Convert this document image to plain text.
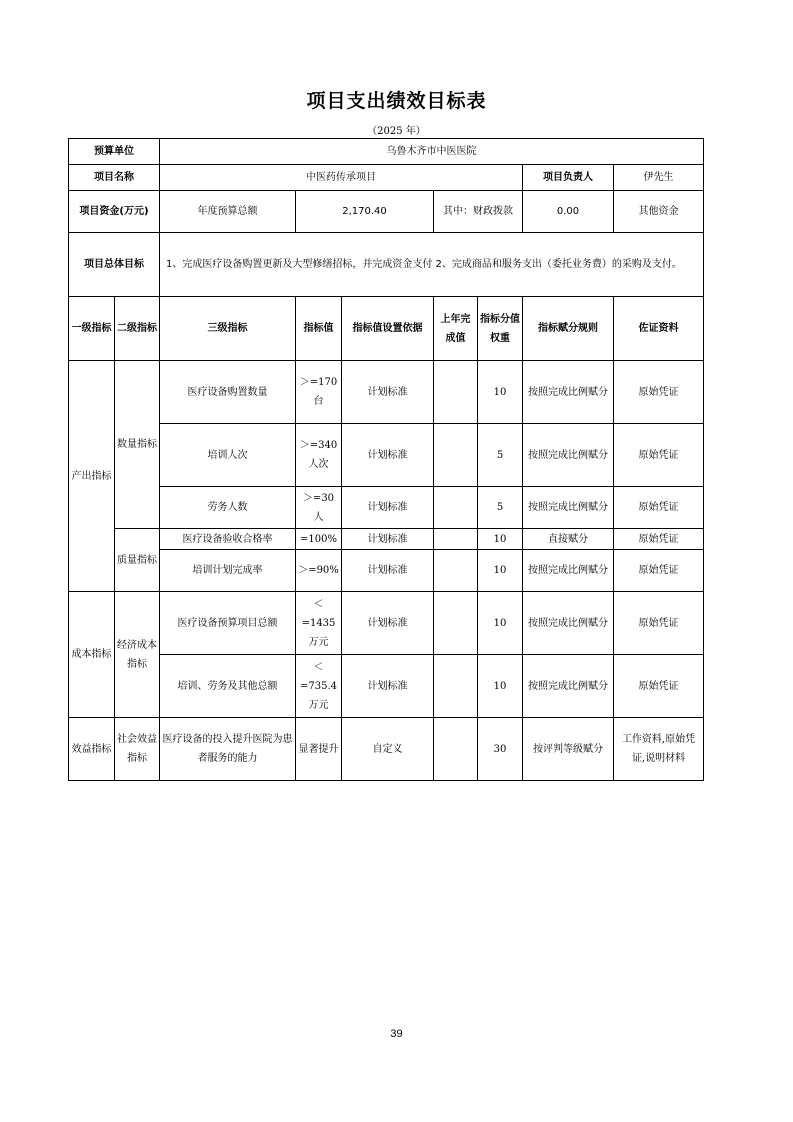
项目支出绩效目标表
（2025 年）
预算单位		乌鲁木齐市中医医院						
项目名称		中医药传承项目					项目负责人	伊先生
项目资金(万元)		年度预算总额	2,170.40		其中：财政拨款		0.00	其他资金
项目总体目标		1、完成医疗设备购置更新及大型修缮招标，并完成资金支付 2、完成商品和服务支出（委托业务费）的采购及支付。						
一级指标	二级指标	三级指标	指标值	指标值设置依据	上年完成值	指标分值权重	指标赋分规则	佐证资料
产出指标	数量指标	医疗设备购置数量	＞=170台	计划标准		10	按照完成比例赋分	原始凭证
		培训人次	＞=340人次	计划标准		5	按照完成比例赋分	原始凭证
		劳务人数	＞=30人	计划标准		5	按照完成比例赋分	原始凭证
	质量指标	医疗设备验收合格率	=100%	计划标准		10	直接赋分	原始凭证
		培训计划完成率	＞=90%	计划标准		10	按照完成比例赋分	原始凭证
成本指标	经济成本指标	医疗设备预算项目总额	＜=1435万元	计划标准		10	按照完成比例赋分	原始凭证
		培训、劳务及其他总额	＜=735.4万元	计划标准		10	按照完成比例赋分	原始凭证
效益指标	社会效益指标	医疗设备的投入提升医院为患者服务的能力	显著提升	自定义		30	按评判等级赋分	工作资料,原始凭证,说明材料
39
